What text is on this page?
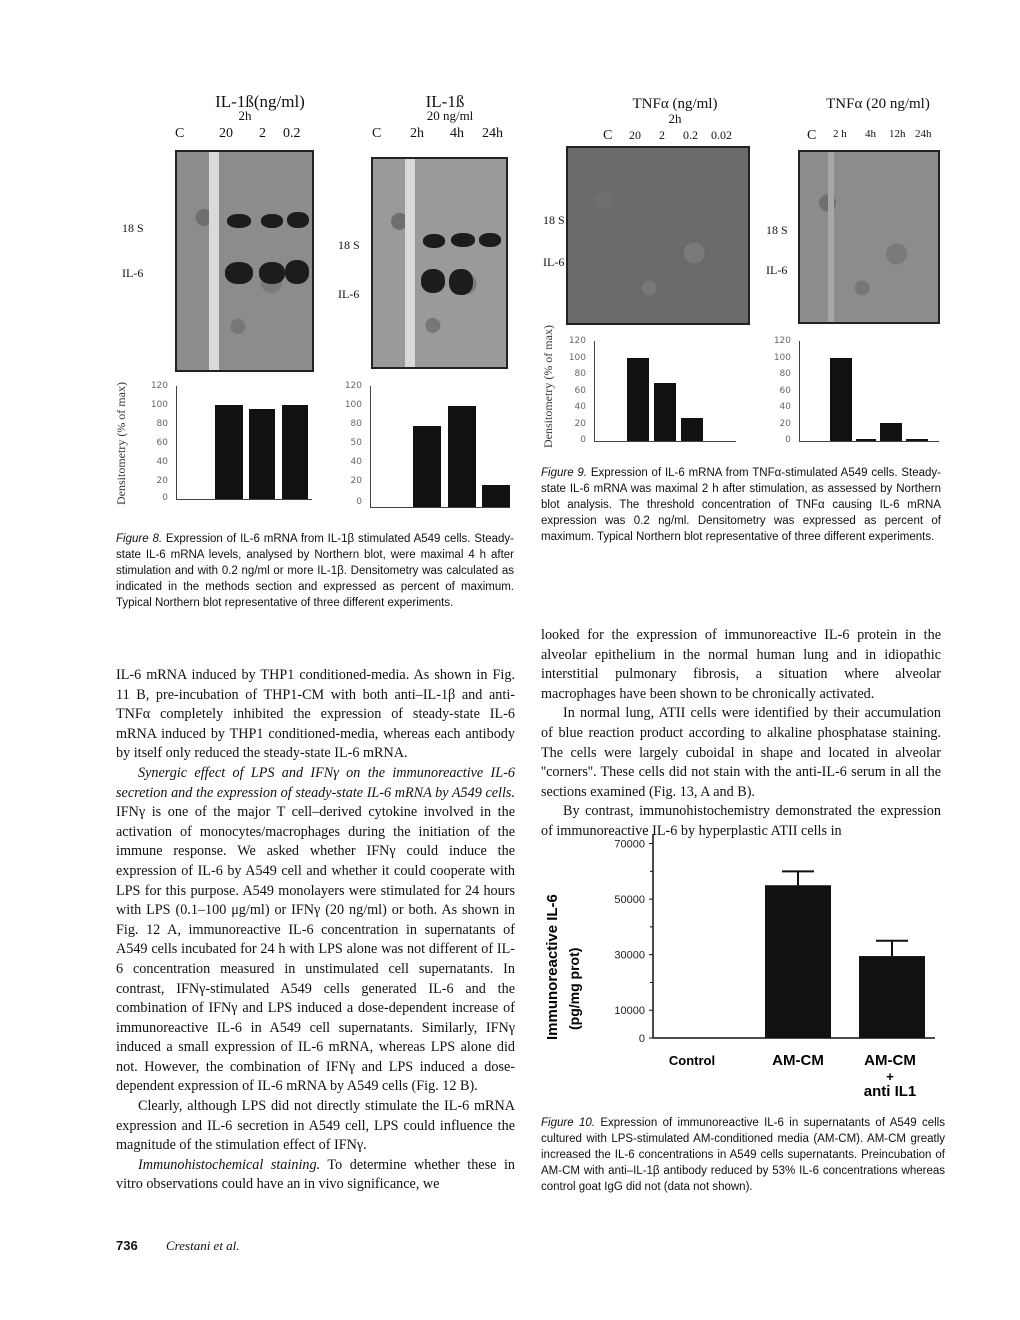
IL-1ß(ng/ml)
2h
C 20 2 0.2
18 S
IL-6
IL-1ß
20 ng/ml
C 2h 4h 24h
18 S
IL-6
Densitometry (% of max)	120
100
80
60
40
20
0
120
100
80
50
40
20
0
Figure 8. Expression of IL-6 mRNA from IL-1β stimulated A549 cells. Steady-state IL-6 mRNA levels, analysed by Northern blot, were maximal 4 h after stimulation and with 0.2 ng/ml or more IL-1β. Densitometry was calculated as indicated in the methods section and expressed as percent of maximum. Typical Northern blot representative of three different experiments.
TNFα (ng/ml)
2h
C 20 2 0.2 0.02
18 S
IL-6
TNFα (20 ng/ml)
C 2 h 4h 12h 24h
18 S
IL-6
Densitometry (% of max)	120
100
80
60
40
20
0
120
100
80
60
40
20
0
Figure 9. Expression of IL-6 mRNA from TNFα-stimulated A549 cells. Steady-state IL-6 mRNA was maximal 2 h after stimulation, as assessed by Northern blot analysis. The threshold concentration of TNFα causing IL-6 mRNA expression was 0.2 ng/ml. Densitometry was expressed as percent of maximum. Typical Northern blot representative of three different experiments.

IL-6 mRNA induced by THP1 conditioned-media. As shown in Fig. 11 B, pre-incubation of THP1-CM with both anti–IL-1β and anti-TNFα completely inhibited the expression of steady-state IL-6 mRNA induced by THP1 conditioned-media, whereas each antibody by itself only reduced the steady-state IL-6 mRNA.

Synergic effect of LPS and IFNγ on the immunoreactive IL-6 secretion and the expression of steady-state IL-6 mRNA by A549 cells. IFNγ is one of the major T cell–derived cytokine involved in the activation of monocytes/macrophages during the initiation of the immune response. We asked whether IFNγ could induce the expression of IL-6 by A549 cell and whether it could cooperate with LPS for this purpose. A549 monolayers were stimulated for 24 hours with LPS (0.1–100 μg/ml) or IFNγ (20 ng/ml) or both. As shown in Fig. 12 A, immunoreactive IL-6 concentration in supernatants of A549 cells incubated for 24 h with LPS alone was not different of IL-6 concentration measured in unstimulated cell supernatants. In contrast, IFNγ-stimulated A549 cells generated IL-6 and the combination of IFNγ and LPS induced a dose-dependent increase of immunoreactive IL-6 in A549 cell supernatants. Similarly, IFNγ induced a small expression of IL-6 mRNA, whereas LPS alone did not. However, the combination of IFNγ and LPS induced a dose-dependent expression of IL-6 mRNA by A549 cells (Fig. 12 B).

Clearly, although LPS did not directly stimulate the IL-6 mRNA expression and IL-6 secretion in A549 cell, LPS could influence the magnitude of the stimulation effect of IFNγ.

Immunohistochemical staining. To determine whether these in vitro observations could have an in vivo significance, we

looked for the expression of immunoreactive IL-6 protein in the alveolar epithelium in the normal human lung and in idiopathic interstitial pulmonary fibrosis, a situation where alveolar macrophages have been shown to be chronically activated.

In normal lung, ATII cells were identified by their accumulation of blue reaction product according to alkaline phosphatase staining. The cells were largely cuboidal in shape and located in alveolar ''corners''. These cells did not stain with the anti-IL-6 serum in all the sections examined (Fig. 13, A and B).

By contrast, immunohistochemistry demonstrated the expression of immunoreactive IL-6 by hyperplastic ATII cells in

Immunoreactive IL-6 (pg/mg prot)
0
10000
30000
50000
70000
Control	AM-CM	AM-CM
+
anti IL1
Figure 10. Expression of immunoreactive IL-6 in supernatants of A549 cells cultured with LPS-stimulated AM-conditioned media (AM-CM). AM-CM greatly increased the IL-6 concentrations in A549 cells supernatants. Preincubation of AM-CM with anti–IL-1β antibody reduced by 53% IL-6 concentrations whereas control goat IgG did not (data not shown).
736 Crestani et al.
